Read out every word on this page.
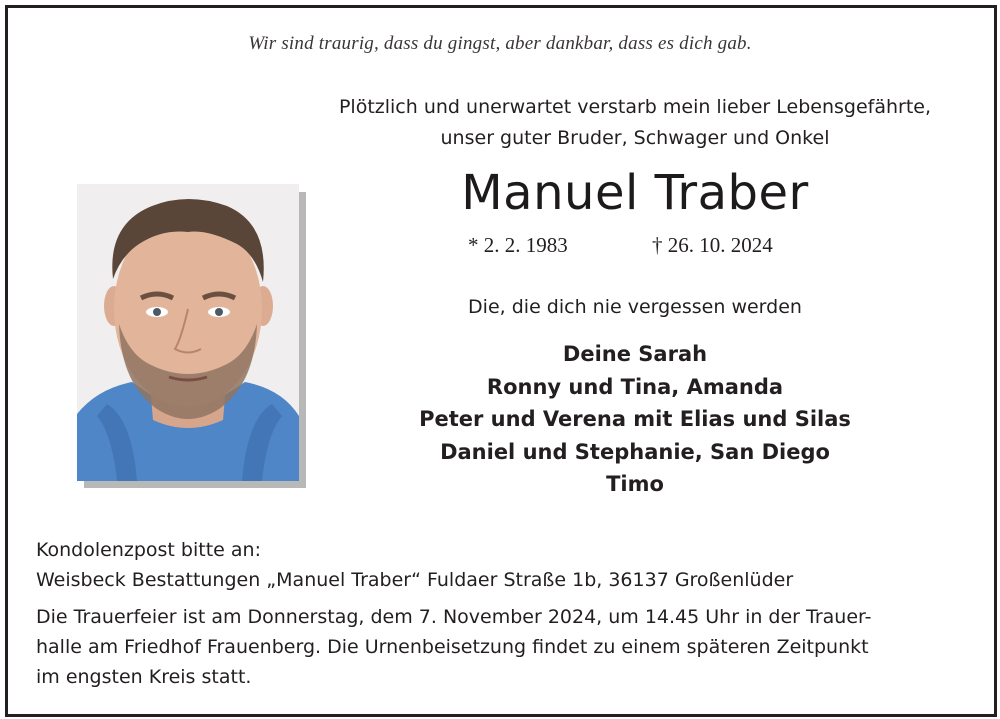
Wir sind traurig, dass du gingst, aber dankbar, dass es dich gab.
Plötzlich und unerwartet verstarb mein lieber Lebensgefährte,
unser guter Bruder, Schwager und Onkel
Manuel Traber
* 2. 2. 1983	† 26. 10. 2024
Die, die dich nie vergessen werden
Deine Sarah
Ronny und Tina, Amanda
Peter und Verena mit Elias und Silas
Daniel und Stephanie, San Diego
Timo
Kondolenzpost bitte an:
Weisbeck Bestattungen „Manuel Traber“ Fuldaer Straße 1b, 36137 Großenlüder
Die Trauerfeier ist am Donnerstag, dem 7. November 2024, um 14.45 Uhr in der Trauer-
halle am Friedhof Frauenberg. Die Urnenbeisetzung findet zu einem späteren Zeitpunkt
im engsten Kreis statt.
